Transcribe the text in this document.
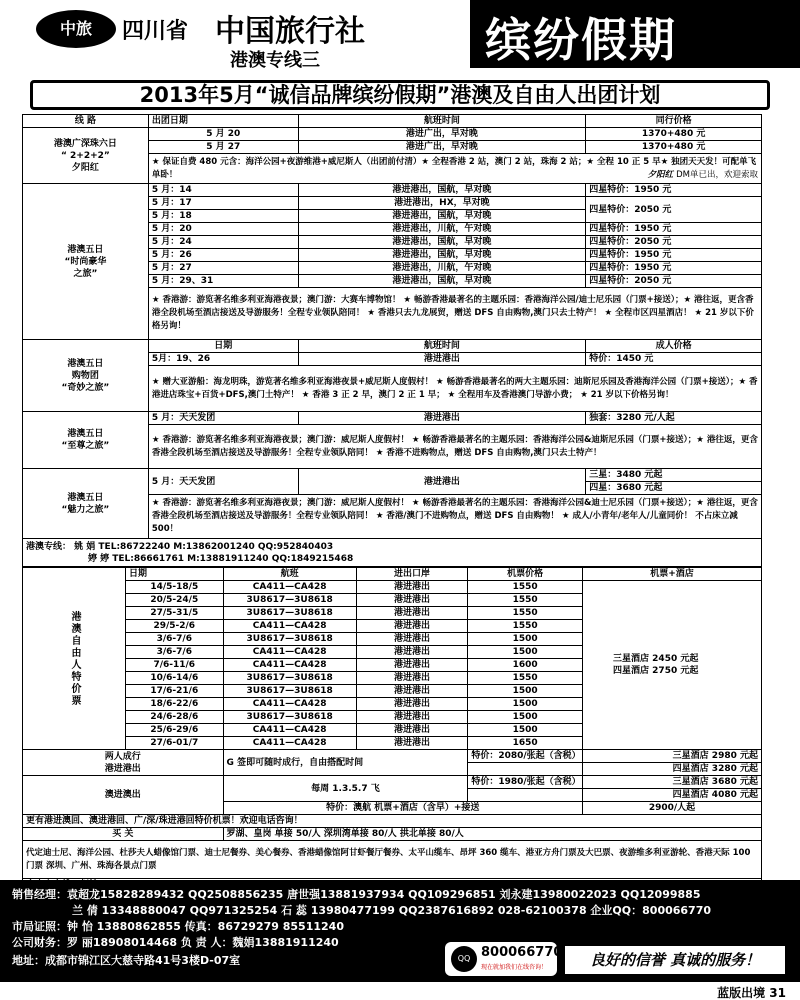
中旅	四川省 中国旅行社
港澳专线三	缤纷假期
2013年5月“诚信品牌缤纷假期”港澳及自由人出团计划
线 路	出团日期	航班时间	同行价格

港澳广深珠六日
“ 2+2+2”
夕阳红	5 月 20	港进广出，早对晚	1370+480 元
	5 月 27	港进广出，早对晚	1370+480 元
	★ 保证自费 480 元含：海洋公园+夜游维港+威尼斯人（出团前付清）★ 全程香港 2 站，澳门 2 站，珠海 2 站；★ 全程 10 正 5 早★ 独团天天发！可配单飞单卧！ 夕阳红 DM单已出，欢迎索取		

港澳五日
“时尚豪华
之旅”	5 月：14	港进港出，国航，早对晚	四星特价：1950 元
	5 月：17	港进港出，HX，早对晚	四星特价：2050 元
	5 月：18	港进港出，国航，早对晚	
	5 月：20	港进港出，川航，午对晚	四星特价：1950 元
	5 月：24	港进港出，国航，早对晚	四星特价：2050 元
	5 月：26	港进港出，国航，早对晚	四星特价：1950 元
	5 月：27	港进港出，川航，午对晚	四星特价：1950 元
	5 月：29、31	港进港出，国航，早对晚	四星特价：2050 元
	★ 香港游：游览著名维多利亚海港夜景；澳门游：大赛车博物馆！ ★ 畅游香港最著名的主题乐园：香港海洋公园/迪士尼乐园（门票+接送）；★ 港往返，更含香港全段机场至酒店接送及导游服务！全程专业领队陪同！ ★ 香港只去九龙展贸，赠送 DFS 自由购物,澳门只去土特产！ ★ 全程市区四星酒店！ ★ 21 岁以下价格另询！		

港澳五日
购物团
“奇妙之旅”	日期	航班时间	成人价格
	5月：19、26	港进港出	特价：1450 元
	★ 赠大亚游船：海龙明珠，游览著名维多利亚海港夜景+威尼斯人度假村！ ★ 畅游香港最著名的两大主题乐园：迪斯尼乐园及香港海洋公园（门票+接送）；★ 香港进店珠宝+百货+DFS,澳门土特产！ ★ 香港 3 正 2 早，澳门 2 正 1 早； ★ 全程用车及香港澳门导游小费； ★ 21 岁以下价格另询！		

港澳五日
“至尊之旅”	5 月：天天发团	港进港出	独套：3280 元/人起
	★ 香港游：游览著名维多利亚海港夜景；澳门游：威尼斯人度假村！ ★ 畅游香港最著名的主题乐园：香港海洋公园&迪斯尼乐园（门票+接送）；★ 港往返，更含香港全段机场至酒店接送及导游服务！全程专业领队陪同！ ★ 香港不进购物点，赠送 DFS 自由购物,澳门只去土特产！		

港澳五日
“魅力之旅”	5 月：天天发团	港进港出	三星：3480 元起
			四星：3680 元起
	★ 香港游：游览著名维多利亚海港夜景；澳门游：威尼斯人度假村！ ★ 畅游香港最著名的主题乐园：香港海洋公园&迪士尼乐园（门票+接送）；★ 港往返，更含香港全段机场至酒店接送及导游服务！全程专业领队陪同！ ★ 香港/澳门不进购物点，赠送 DFS 自由购物！ ★ 成人/小青年/老年人/儿童同价！ 不占床立减 500！		
港澳专线： 姚 娟 TEL:86722240 M:13862001240 QQ:952840403
婷 婷 TEL:86661761 M:13881911240 QQ:1849215468			
港澳自由人特价票	日期	航班	进出口岸	机票价格	机票+酒店
	14/5-18/5	CA411—CA428	港进港出	1550	三星酒店 2450 元起
四星酒店 2750 元起

	20/5-24/5	3U8617—3U8618	港进港出	1550	
	27/5-31/5	3U8617—3U8618	港进港出	1550	
	29/5-2/6	CA411—CA428	港进港出	1550	
	3/6-7/6	3U8617—3U8618	港进港出	1500	
	3/6-7/6	CA411—CA428	港进港出	1500	
	7/6-11/6	CA411—CA428	港进港出	1600	
	10/6-14/6	3U8617—3U8618	港进港出	1550	
	17/6-21/6	3U8617—3U8618	港进港出	1500	
	18/6-22/6	CA411—CA428	港进港出	1500	
	24/6-28/6	3U8617—3U8618	港进港出	1500	
	25/6-29/6	CA411—CA428	港进港出	1500	
	27/6-01/7	CA411—CA428	港进港出	1650	

两人成行
港进港出		G 签即可随时成行，自由搭配时间		特价：2080/张起（含税）	三星酒店 2980 元起
					四星酒店 3280 元起
澳进澳出		每周 1.3.5.7 飞		特价：1980/张起（含税）	三星酒店 3680 元起
					四星酒店 4080 元起
		特价：澳航 机票+酒店（含早）+接送			2900/人起
更有港进澳回、澳进港回、广/深/珠进港回特价机票！欢迎电话咨询！					
买 关		罗湖、皇岗 单接 50/人 深圳湾单接 80/人 拱北单接 80/人			
代定迪士尼、海洋公园、杜莎夫人蜡像馆门票、迪士尼餐券、美心餐券、香港蜡像馆阿甘虾餐厅餐券、太平山缆车、昂坪 360 缆车、港亚方舟门票及大巴票、夜游维多利亚游轮、香港天际 100 门票 深圳、广州、珠海各景点门票					

销售经理：袁超龙15828289432 QQ2508856235 唐世强13881937934 QQ109296851 刘永建13980022023 QQ12099885
兰 倩 13348880047 QQ971325254 石 蕊 13980477199 QQ2387616892 028-62100378 企业QQ：800066770
市局证照：钟 怡 13880862855 传真：86729279 85511240
公司财务：罗 丽18908014468 负 责 人：魏娟13881911240
地址：成都市锦江区大慈寺路41号3楼D-07室	QQ 800066770
现在就加我们在线咨询！	良好的信誉 真诚的服务！
蓝版出境 31
